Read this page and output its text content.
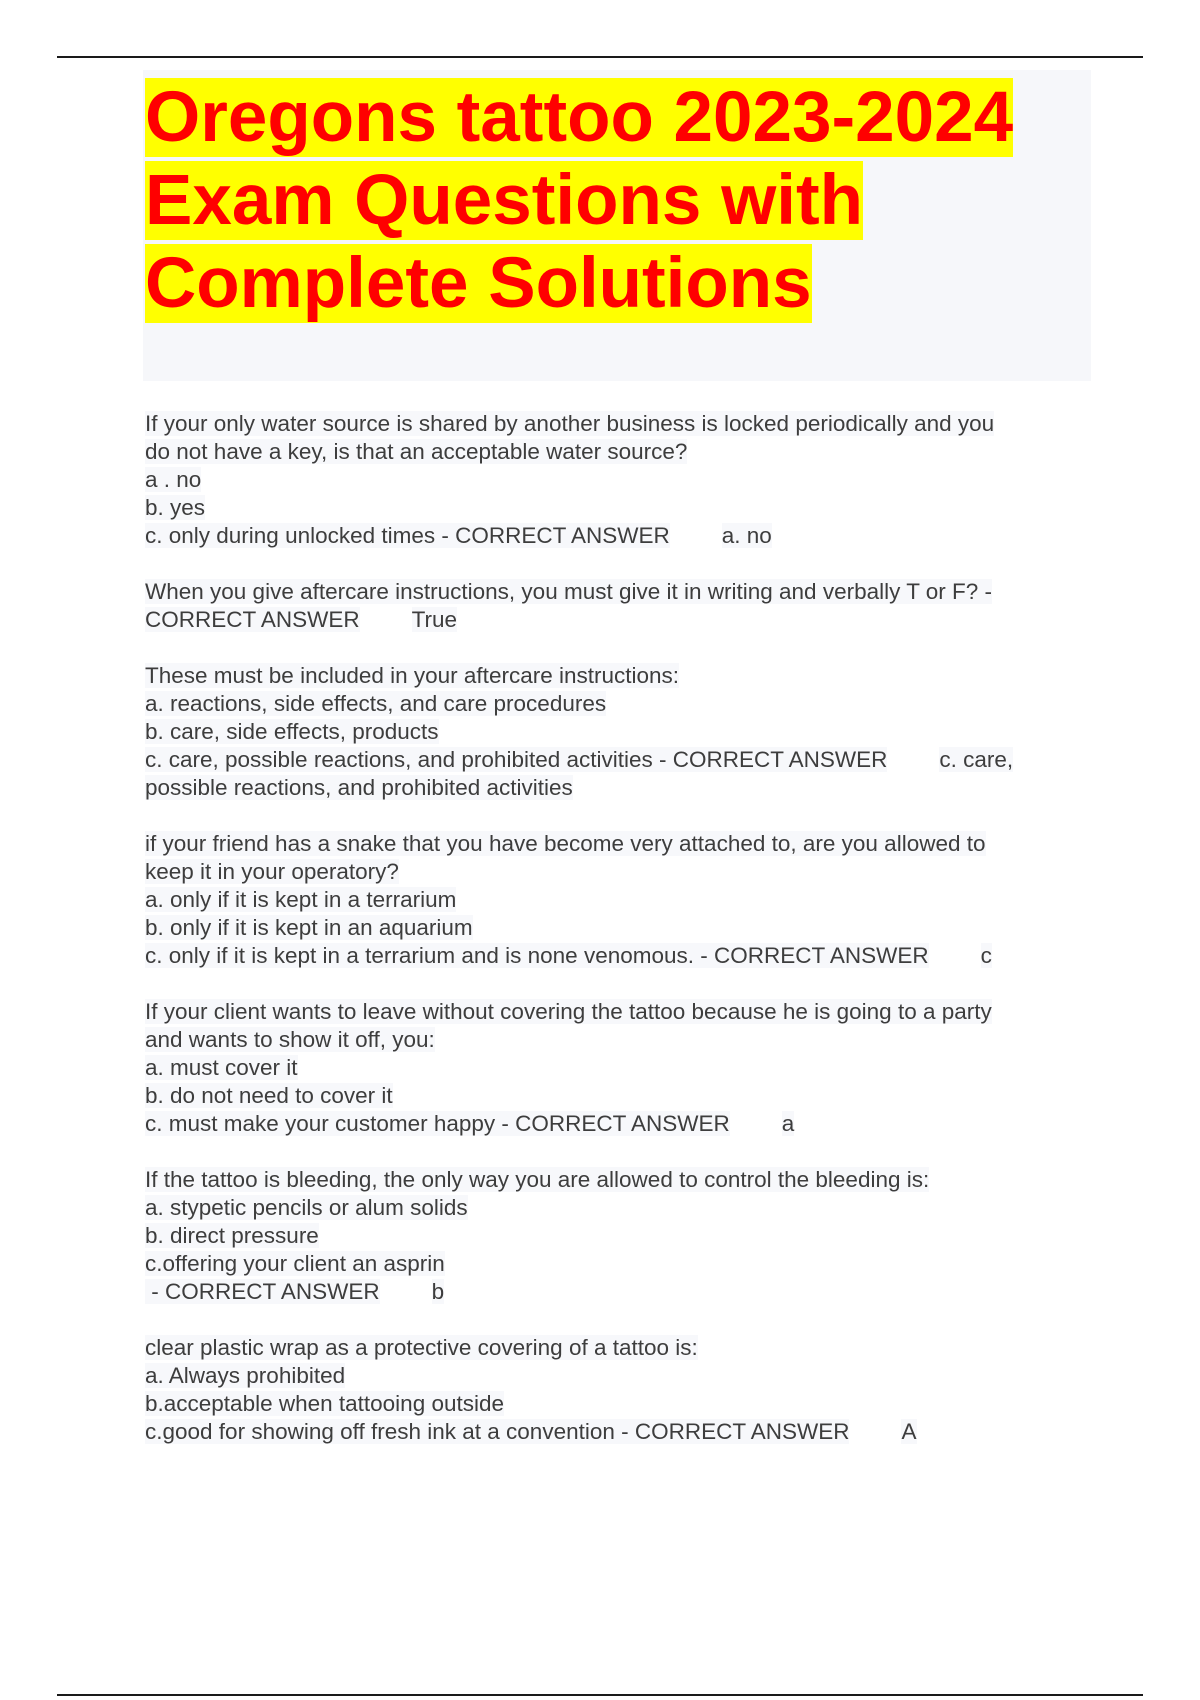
Oregons tattoo 2023-2024 Exam Questions with Complete Solutions
If your only water source is shared by another business is locked periodically and you
do not have a key, is that an acceptable water source?
a . no
b. yes
c. only during unlocked times - CORRECT ANSWER a. no
When you give aftercare instructions, you must give it in writing and verbally T or F? -
CORRECT ANSWER True
These must be included in your aftercare instructions:
a. reactions, side effects, and care procedures
b. care, side effects, products
c. care, possible reactions, and prohibited activities - CORRECT ANSWER c. care,
possible reactions, and prohibited activities
if your friend has a snake that you have become very attached to, are you allowed to
keep it in your operatory?
a. only if it is kept in a terrarium
b. only if it is kept in an aquarium
c. only if it is kept in a terrarium and is none venomous. - CORRECT ANSWER c
If your client wants to leave without covering the tattoo because he is going to a party
and wants to show it off, you:
a. must cover it
b. do not need to cover it
c. must make your customer happy - CORRECT ANSWER a
If the tattoo is bleeding, the only way you are allowed to control the bleeding is:
a. stypetic pencils or alum solids
b. direct pressure
c.offering your client an asprin
- CORRECT ANSWER b
clear plastic wrap as a protective covering of a tattoo is:
a. Always prohibited
b.acceptable when tattooing outside
c.good for showing off fresh ink at a convention - CORRECT ANSWER A
